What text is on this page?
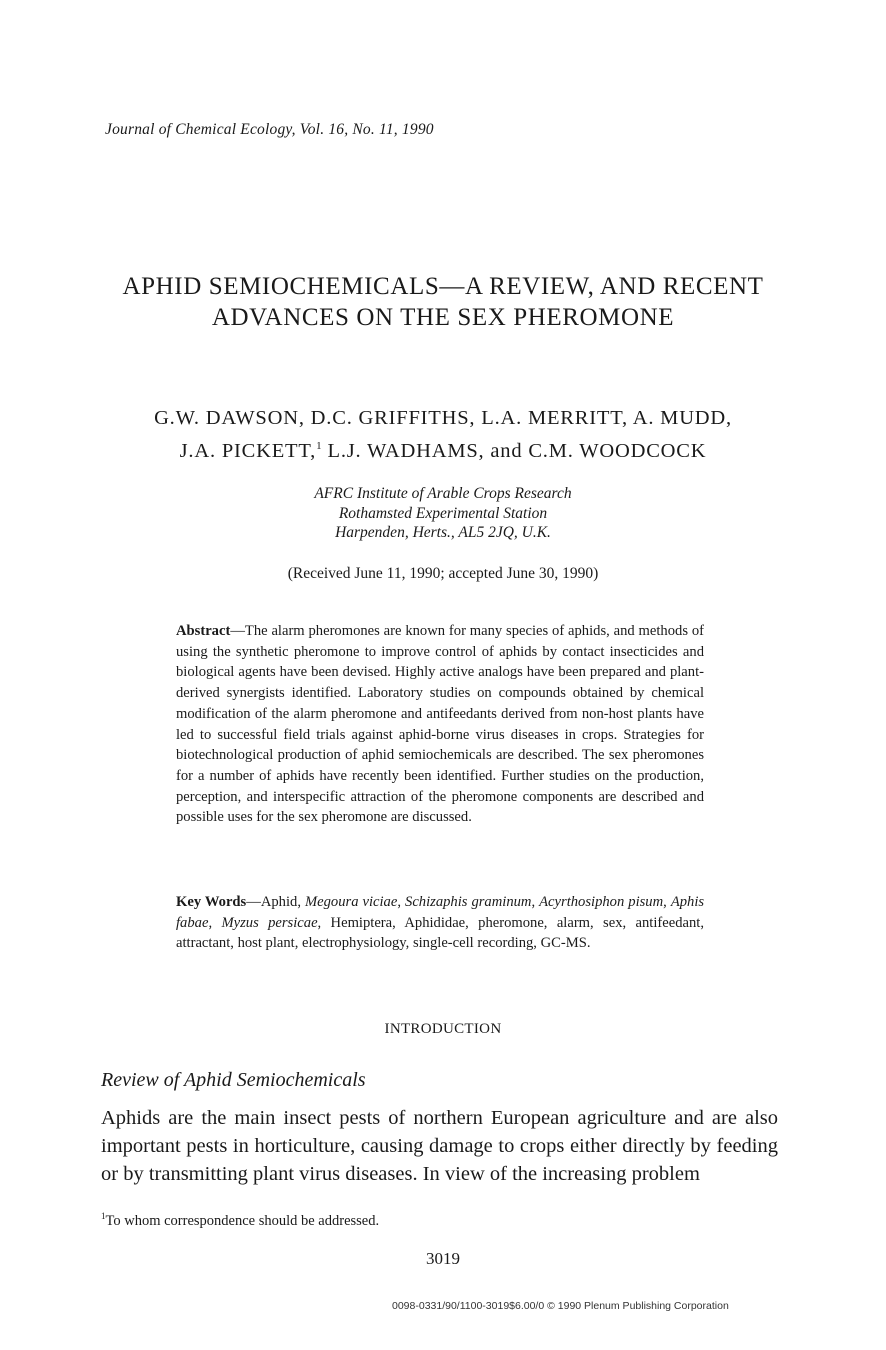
Journal of Chemical Ecology, Vol. 16, No. 11, 1990
APHID SEMIOCHEMICALS—A REVIEW, AND RECENT
ADVANCES ON THE SEX PHEROMONE
G.W. DAWSON, D.C. GRIFFITHS, L.A. MERRITT, A. MUDD,
J.A. PICKETT,$^1$ L.J. WADHAMS, and C.M. WOODCOCK
AFRC Institute of Arable Crops Research
Rothamsted Experimental Station
Harpenden, Herts., AL5 2JQ, U.K.
(Received June 11, 1990; accepted June 30, 1990)
Abstract—The alarm pheromones are known for many species of aphids, and methods of using the synthetic pheromone to improve control of aphids by contact insecticides and biological agents have been devised. Highly active analogs have been prepared and plant-derived synergists identified. Laboratory studies on compounds obtained by chemical modification of the alarm pheromone and antifeedants derived from non-host plants have led to successful field trials against aphid-borne virus diseases in crops. Strategies for biotechnological production of aphid semiochemicals are described. The sex pheromones for a number of aphids have recently been identified. Further studies on the production, perception, and interspecific attraction of the pheromone components are described and possible uses for the sex pheromone are discussed.
Key Words—Aphid, Megoura viciae, Schizaphis graminum, Acyrthosiphon pisum, Aphis fabae, Myzus persicae, Hemiptera, Aphididae, pheromone, alarm, sex, antifeedant, attractant, host plant, electrophysiology, single-cell recording, GC-MS.
INTRODUCTION
Review of Aphid Semiochemicals
Aphids are the main insect pests of northern European agriculture and are also important pests in horticulture, causing damage to crops either directly by feeding or by transmitting plant virus diseases. In view of the increasing problem
$^1$To whom correspondence should be addressed.
3019
0098-0331/90/1100-3019$6.00/0 © 1990 Plenum Publishing Corporation
